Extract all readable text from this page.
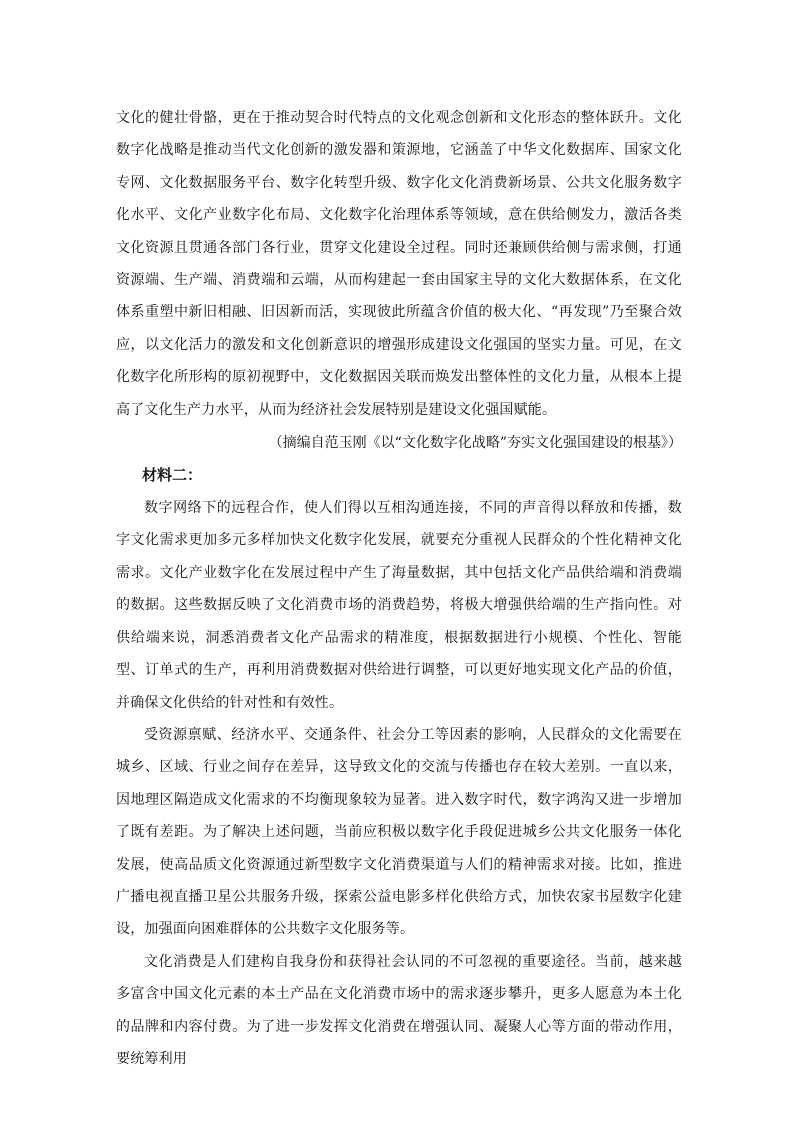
文化的健壮骨骼，更在于推动契合时代特点的文化观念创新和文化形态的整体跃升。文化数字化战略是推动当代文化创新的激发器和策源地，它涵盖了中华文化数据库、国家文化专网、文化数据服务平台、数字化转型升级、数字化文化消费新场景、公共文化服务数字化水平、文化产业数字化布局、文化数字化治理体系等领域，意在供给侧发力，激活各类文化资源且贯通各部门各行业，贯穿文化建设全过程。同时还兼顾供给侧与需求侧，打通资源端、生产端、消费端和云端，从而构建起一套由国家主导的文化大数据体系，在文化体系重塑中新旧相融、旧因新而活，实现彼此所蕴含价值的极大化、“再发现”乃至聚合效应，以文化活力的激发和文化创新意识的增强形成建设文化强国的坚实力量。可见，在文化数字化所形构的原初视野中，文化数据因关联而焕发出整体性的文化力量，从根本上提高了文化生产力水平，从而为经济社会发展特别是建设文化强国赋能。

（摘编自范玉刚《以“文化数字化战略”夯实文化强国建设的根基》）

材料二：

数字网络下的远程合作，使人们得以互相沟通连接，不同的声音得以释放和传播，数字文化需求更加多元多样加快文化数字化发展，就要充分重视人民群众的个性化精神文化需求。文化产业数字化在发展过程中产生了海量数据，其中包括文化产品供给端和消费端的数据。这些数据反映了文化消费市场的消费趋势，将极大增强供给端的生产指向性。对供给端来说，洞悉消费者文化产品需求的精准度，根据数据进行小规模、个性化、智能型、订单式的生产，再利用消费数据对供给进行调整，可以更好地实现文化产品的价值，并确保文化供给的针对性和有效性。

受资源禀赋、经济水平、交通条件、社会分工等因素的影响，人民群众的文化需要在城乡、区域、行业之间存在差异，这导致文化的交流与传播也存在较大差别。一直以来，因地理区隔造成文化需求的不均衡现象较为显著。进入数字时代，数字鸿沟又进一步增加了既有差距。为了解决上述问题，当前应积极以数字化手段促进城乡公共文化服务一体化发展，使高品质文化资源通过新型数字文化消费渠道与人们的精神需求对接。比如，推进广播电视直播卫星公共服务升级，探索公益电影多样化供给方式，加快农家书屋数字化建设，加强面向困难群体的公共数字文化服务等。

文化消费是人们建构自我身份和获得社会认同的不可忽视的重要途径。当前，越来越多富含中国文化元素的本土产品在文化消费市场中的需求逐步攀升，更多人愿意为本土化的品牌和内容付费。为了进一步发挥文化消费在增强认同、凝聚人心等方面的带动作用，要统筹利用
